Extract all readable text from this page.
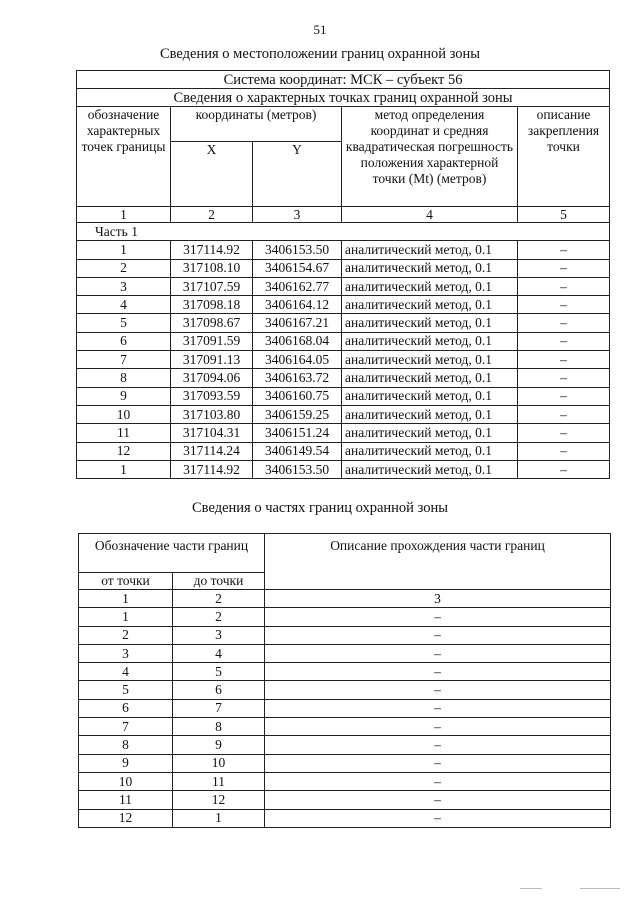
51
Сведения о местоположении границ охранной зоны
Система координат: МСК – субъект 56				
Сведения о характерных точках границ охранной зоны				
обозначение характерных точек границы	координаты (метров)		метод определения координат и средняя квадратическая погрешность положения характерной точки (Mt) (метров)	описание закрепления точки
	X	Y		
1	2	3	4	5
Часть 1				
1	317114.92	3406153.50	аналитический метод, 0.1	–
2	317108.10	3406154.67	аналитический метод, 0.1	–
3	317107.59	3406162.77	аналитический метод, 0.1	–
4	317098.18	3406164.12	аналитический метод, 0.1	–
5	317098.67	3406167.21	аналитический метод, 0.1	–
6	317091.59	3406168.04	аналитический метод, 0.1	–
7	317091.13	3406164.05	аналитический метод, 0.1	–
8	317094.06	3406163.72	аналитический метод, 0.1	–
9	317093.59	3406160.75	аналитический метод, 0.1	–
10	317103.80	3406159.25	аналитический метод, 0.1	–
11	317104.31	3406151.24	аналитический метод, 0.1	–
12	317114.24	3406149.54	аналитический метод, 0.1	–
1	317114.92	3406153.50	аналитический метод, 0.1	–
Сведения о частях границ охранной зоны
Обозначение части границ		Описание прохождения части границ
от точки	до точки	
1	2	3
1	2	–
2	3	–
3	4	–
4	5	–
5	6	–
6	7	–
7	8	–
8	9	–
9	10	–
10	11	–
11	12	–
12	1	–
